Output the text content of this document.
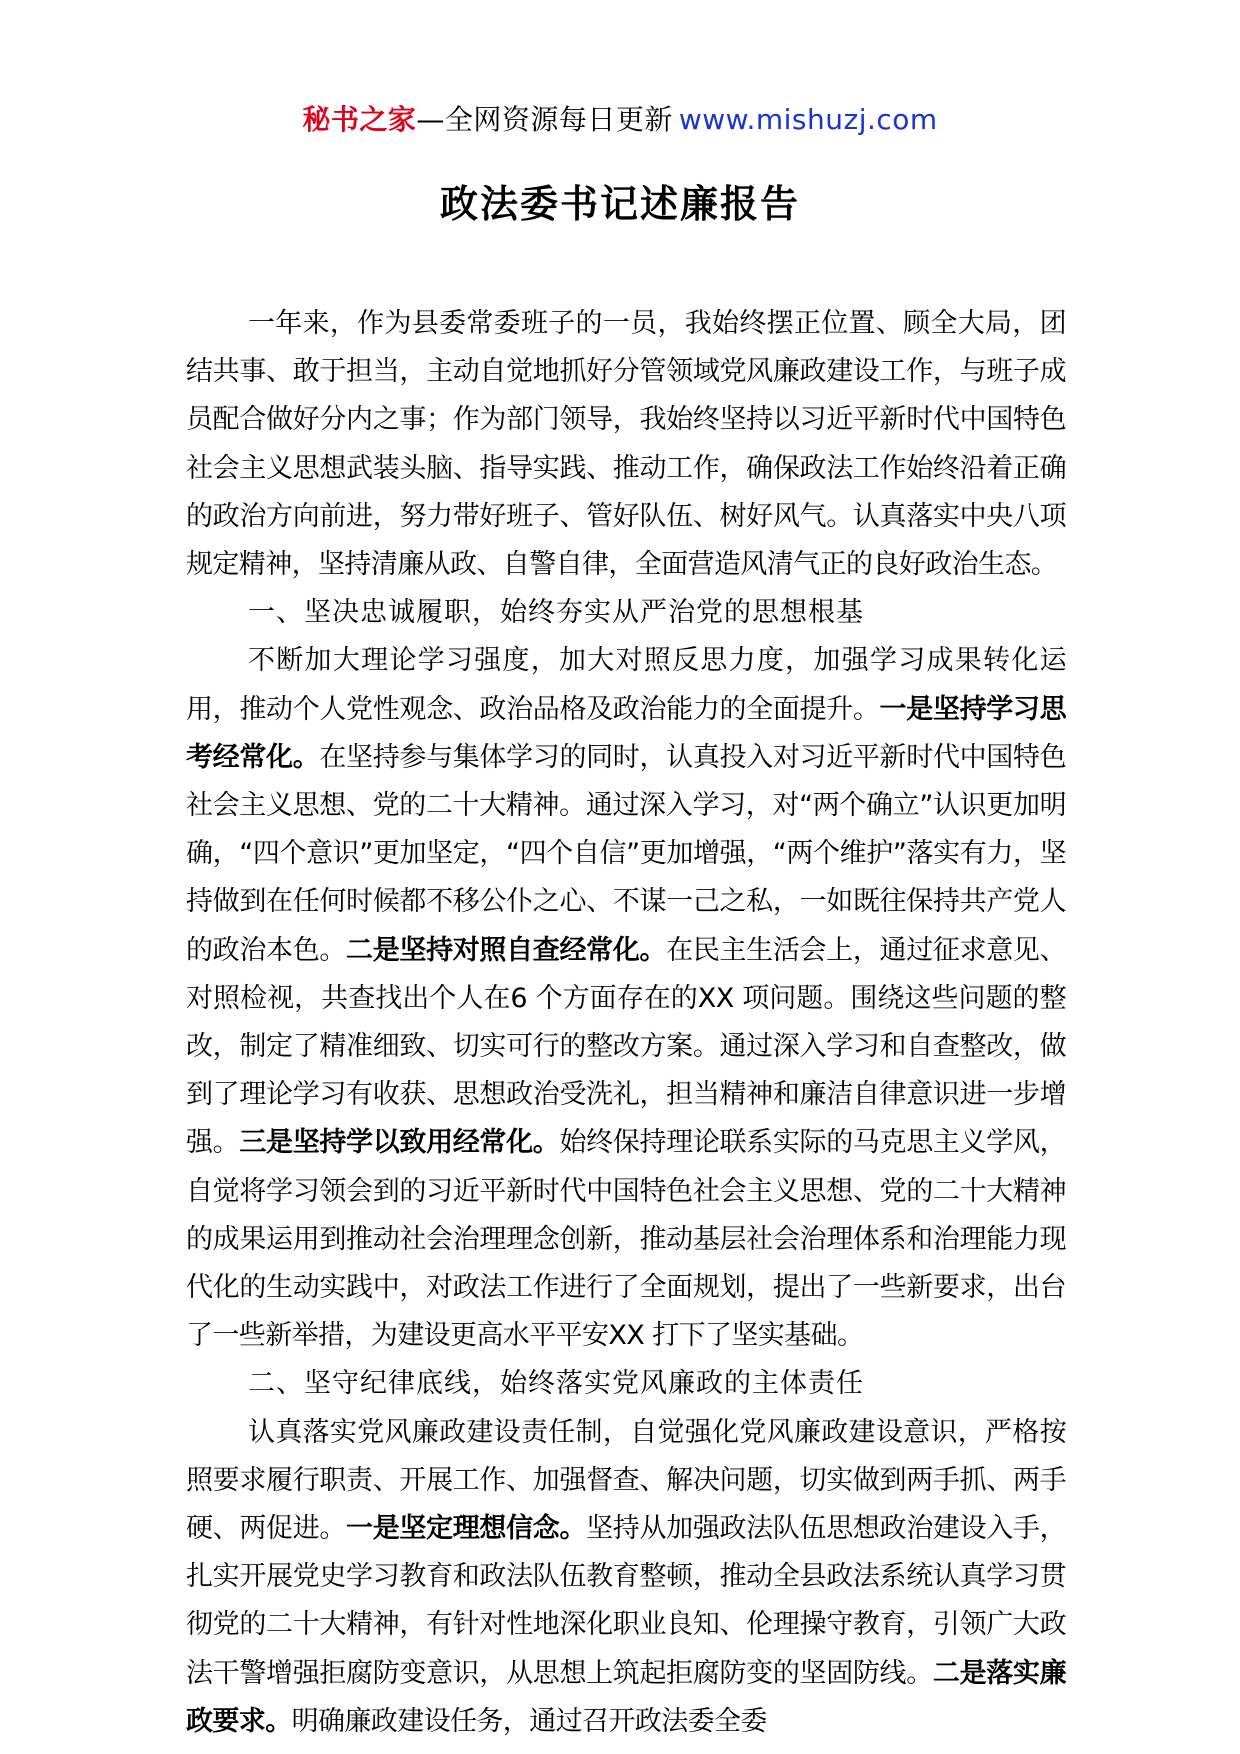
秘书之家—全网资源每日更新 www.mishuzj.com
政法委书记述廉报告

一年来，作为县委常委班子的一员，我始终摆正位置、顾全大局，团结共事、敢于担当，主动自觉地抓好分管领域党风廉政建设工作，与班子成员配合做好分内之事；作为部门领导，我始终坚持以习近平新时代中国特色社会主义思想武装头脑、指导实践、推动工作，确保政法工作始终沿着正确的政治方向前进，努力带好班子、管好队伍、树好风气。认真落实中央八项规定精神，坚持清廉从政、自警自律，全面营造风清气正的良好政治生态。

一、坚决忠诚履职，始终夯实从严治党的思想根基

不断加大理论学习强度，加大对照反思力度，加强学习成果转化运用，推动个人党性观念、政治品格及政治能力的全面提升。一是坚持学习思考经常化。在坚持参与集体学习的同时，认真投入对习近平新时代中国特色社会主义思想、党的二十大精神。通过深入学习，对“两个确立”认识更加明确，“四个意识”更加坚定，“四个自信”更加增强，“两个维护”落实有力，坚持做到在任何时候都不移公仆之心、不谋一己之私，一如既往保持共产党人的政治本色。二是坚持对照自查经常化。在民主生活会上，通过征求意见、对照检视，共查找出个人在6 个方面存在的XX 项问题。围绕这些问题的整改，制定了精准细致、切实可行的整改方案。通过深入学习和自查整改，做到了理论学习有收获、思想政治受洗礼，担当精神和廉洁自律意识进一步增强。三是坚持学以致用经常化。始终保持理论联系实际的马克思主义学风，自觉将学习领会到的习近平新时代中国特色社会主义思想、党的二十大精神的成果运用到推动社会治理理念创新，推动基层社会治理体系和治理能力现代化的生动实践中，对政法工作进行了全面规划，提出了一些新要求，出台了一些新举措，为建设更高水平平安XX 打下了坚实基础。

二、坚守纪律底线，始终落实党风廉政的主体责任

认真落实党风廉政建设责任制，自觉强化党风廉政建设意识，严格按照要求履行职责、开展工作、加强督查、解决问题，切实做到两手抓、两手硬、两促进。一是坚定理想信念。坚持从加强政法队伍思想政治建设入手，扎实开展党史学习教育和政法队伍教育整顿，推动全县政法系统认真学习贯彻党的二十大精神，有针对性地深化职业良知、伦理操守教育，引领广大政法干警增强拒腐防变意识，从思想上筑起拒腐防变的坚固防线。二是落实廉政要求。明确廉政建设任务，通过召开政法委全委
